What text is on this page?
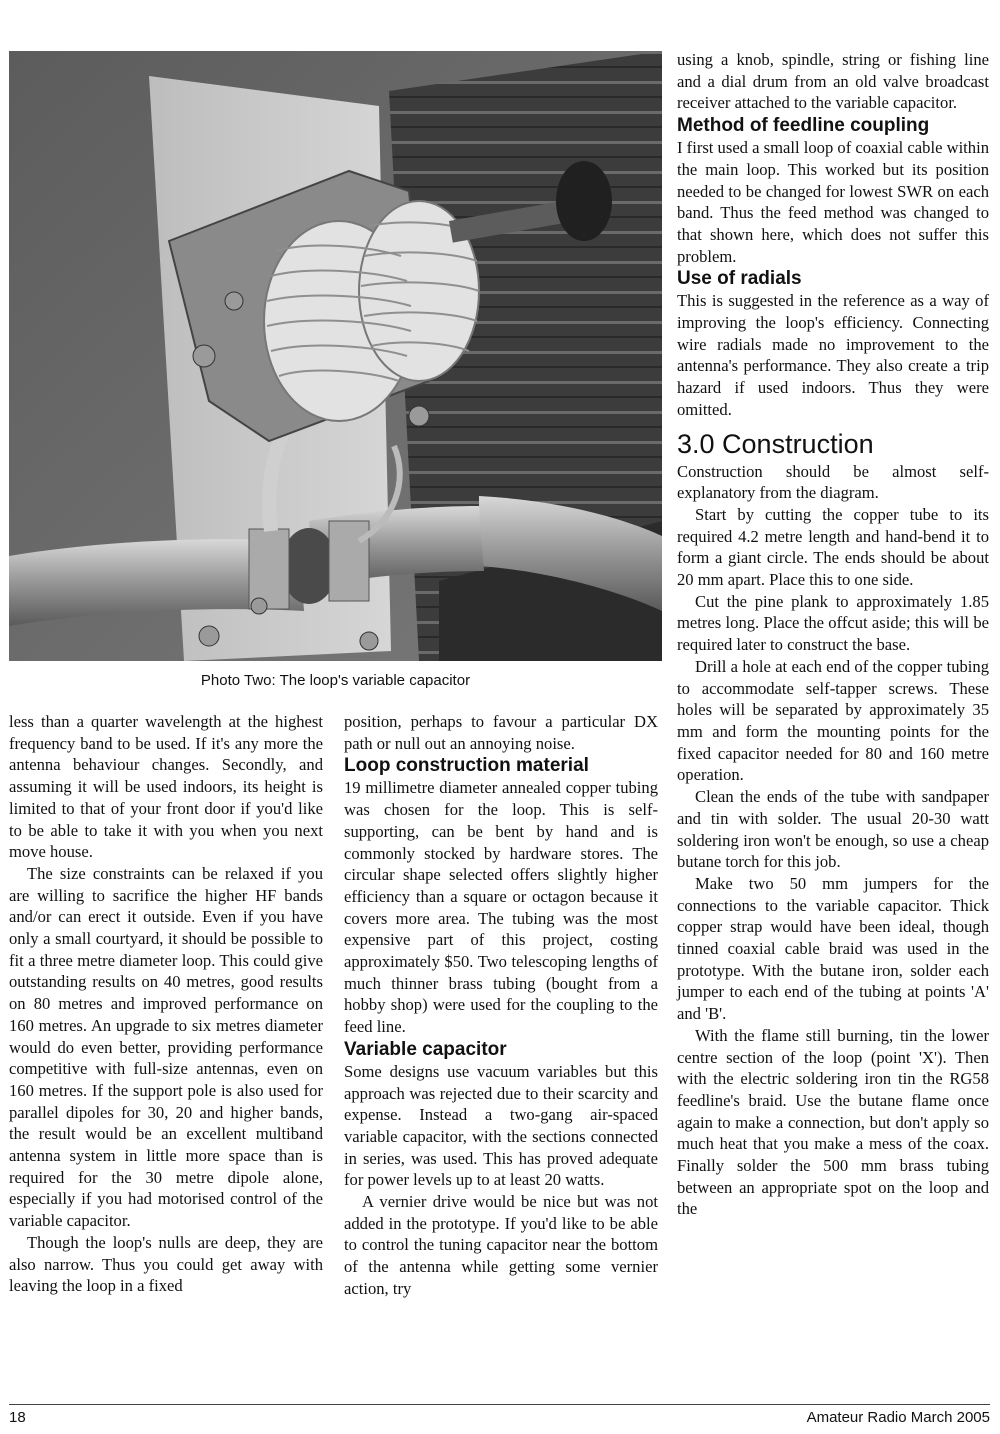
Photo Two: The loop's variable capacitor

less than a quarter wavelength at the highest frequency band to be used. If it's any more the antenna behaviour changes. Secondly, and assuming it will be used indoors, its height is limited to that of your front door if you'd like to be able to take it with you when you next move house.

The size constraints can be relaxed if you are willing to sacrifice the higher HF bands and/or can erect it outside. Even if you have only a small courtyard, it should be possible to fit a three metre diameter loop. This could give outstanding results on 40 metres, good results on 80 metres and improved performance on 160 metres. An upgrade to six metres diameter would do even better, providing performance competitive with full-size antennas, even on 160 metres. If the support pole is also used for parallel dipoles for 30, 20 and higher bands, the result would be an excellent multiband antenna system in little more space than is required for the 30 metre dipole alone, especially if you had motorised control of the variable capacitor.

Though the loop's nulls are deep, they are also narrow. Thus you could get away with leaving the loop in a fixed

position, perhaps to favour a particular DX path or null out an annoying noise.

Loop construction material

19 millimetre diameter annealed copper tubing was chosen for the loop. This is self-supporting, can be bent by hand and is commonly stocked by hardware stores. The circular shape selected offers slightly higher efficiency than a square or octagon because it covers more area. The tubing was the most expensive part of this project, costing approximately $50. Two telescoping lengths of much thinner brass tubing (bought from a hobby shop) were used for the coupling to the feed line.

Variable capacitor

Some designs use vacuum variables but this approach was rejected due to their scarcity and expense. Instead a two-gang air-spaced variable capacitor, with the sections connected in series, was used. This has proved adequate for power levels up to at least 20 watts.

A vernier drive would be nice but was not added in the prototype. If you'd like to be able to control the tuning capacitor near the bottom of the antenna while getting some vernier action, try

using a knob, spindle, string or fishing line and a dial drum from an old valve broadcast receiver attached to the variable capacitor.

Method of feedline coupling

I first used a small loop of coaxial cable within the main loop. This worked but its position needed to be changed for lowest SWR on each band. Thus the feed method was changed to that shown here, which does not suffer this problem.

Use of radials

This is suggested in the reference as a way of improving the loop's efficiency. Connecting wire radials made no improvement to the antenna's performance. They also create a trip hazard if used indoors. Thus they were omitted.

3.0 Construction

Construction should be almost self-explanatory from the diagram.

Start by cutting the copper tube to its required 4.2 metre length and hand-bend it to form a giant circle. The ends should be about 20 mm apart. Place this to one side.

Cut the pine plank to approximately 1.85 metres long. Place the offcut aside; this will be required later to construct the base.

Drill a hole at each end of the copper tubing to accommodate self-tapper screws. These holes will be separated by approximately 35 mm and form the mounting points for the fixed capacitor needed for 80 and 160 metre operation.

Clean the ends of the tube with sandpaper and tin with solder. The usual 20-30 watt soldering iron won't be enough, so use a cheap butane torch for this job.

Make two 50 mm jumpers for the connections to the variable capacitor. Thick copper strap would have been ideal, though tinned coaxial cable braid was used in the prototype. With the butane iron, solder each jumper to each end of the tubing at points 'A' and 'B'.

With the flame still burning, tin the lower centre section of the loop (point 'X'). Then with the electric soldering iron tin the RG58 feedline's braid. Use the butane flame once again to make a connection, but don't apply so much heat that you make a mess of the coax. Finally solder the 500 mm brass tubing between an appropriate spot on the loop and the

18	Amateur Radio March 2005
